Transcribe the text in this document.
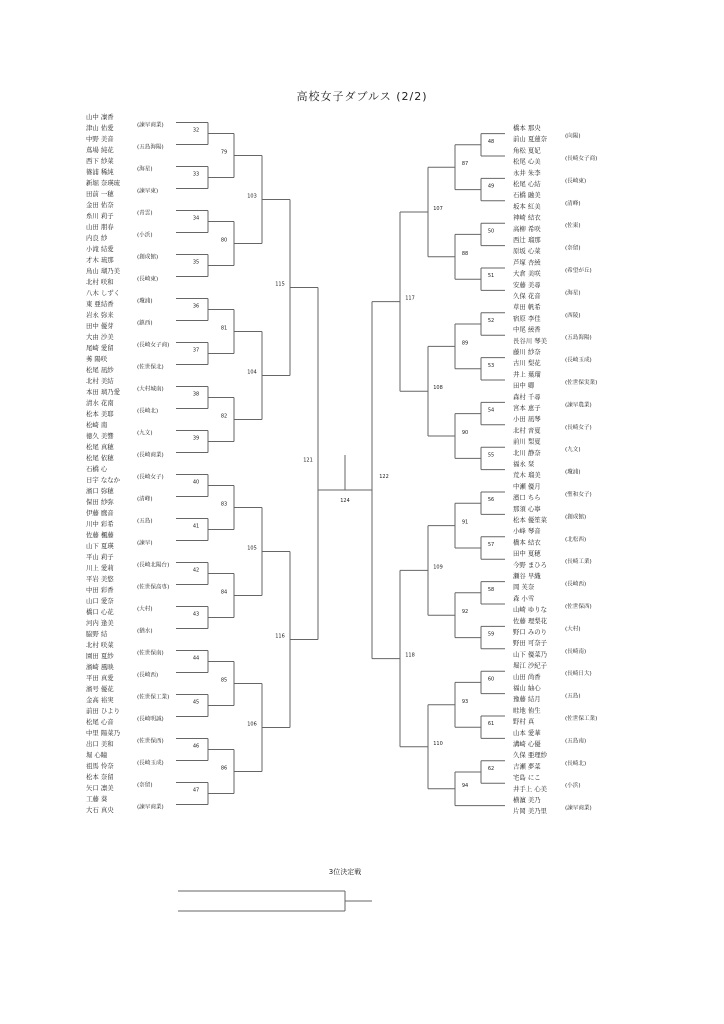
高校女子ダブルス (2/2)
山中 凜香
津山 佑愛	(諫早商業)
中野 美音
蔦場 純花	(五島海陽)
西下 紗菜
篠浦 稀純	(海星)
新堀 奈瑛琉
田前 一穂	(諫早東)
金田 佑奈
糸川 莉子	(青雲)
山田 朋春
内良 紗	(小浜)
小滝 結愛
才木 琉那	(創成館)
鳥山 瑚乃美
北村 咲和	(長崎東)
八木 しずく
東 亜結香	(瓊浦)
岩永 弥来
田中 優芽	(鎮西)
大由 沙美
尾崎 愛留	(長崎女子商)
莠 陽咲
松尾 凪紗	(佐世保北)
北村 美結
本田 璃乃愛	(大村城南)
清水 花南
松本 美耶	(長崎北)
松崎 南
徳久 美響	(九文)
松尾 真穂
松尾 依穂	(長崎商業)
石橋 心
日宇 ななか	(長崎女子)
濱口 弥穂
保田 紗弥	(清峰)
伊藤 鷹音
川中 彩希	(五島)
佐藤 楓藤
山下 夏瑛	(諫早)
平山 莉子
川上 愛莉	(長崎北陽台)
平岩 美悠
中田 彩香	(佐世保高専)
山口 愛奈
橋口 心花	(大村)
河内 逢美
脇野 結	(猶水)
北村 咲菜
園田 夏紗	(佐世保南)
濱崎 風映
平田 真愛	(長崎西)
濱号 優花
金高 裕実	(佐世保工業)
前田 ひより
松尾 心音	(長崎明誠)
中里 陽菜乃
出口 美和	(佐世保西)
堀 心瞳
祖馬 怜奈	(長崎玉成)
松本 奈留
矢口 凛美	(奈留)
工藤 葵
大石 真央	(諫早商業)
32
33
34
35
36
37
38
39
40
41
42
43
44
45
46
47
79
80
81
82
83
84
85
86
103
104
105
106
115
116
121
橋本 那央
前山 夏蓮奈	(向陽)
角松 夏妃
松尾 心美	(長崎女子商)
永井 朱李
松尾 心結	(長崎東)
石橋 融美
坂本 紅美	(清峰)
神崎 結衣
高柳 希咲	(佐東)
西辻 瑠那
原坂 心菜	(奈留)
芦塚 杏綾
大倉 美咲	(希望が丘)
安藤 美尋
久保 花音	(海星)
草田 帆希
宿原 李佳	(西陵)
中尾 綾香
長谷川 琴美	(五島海陽)
藤川 紗奈
古川 梨花	(長崎玉成)
井上 葉瑠
田中 卿	(佐世保実業)
森村 千尋
宮本 恵子	(諫早農業)
小田 凪琴
北村 音夏	(長崎女子)
前川 梨夏
北川 静奈	(九文)
福永 栞
荒木 瑠美	(瓊浦)
中瀬 優月
濱口 ちら	(聖和女子)
那須 心寧
松本 優笙菜	(創成館)
小峰 琴音
橋本 結衣	(北松西)
田中 夏穂
今野 まひろ	(長崎工業)
瀬谷 早織
岡 芙奈	(長崎西)
森 小雪
山崎 ゆりな	(佐世保西)
佐藤 理梨花
野口 みのり	(大村)
野田 可奈子
山下 優菜乃	(長崎南)
堀江 沙紀子
山田 尚香	(長崎日大)
福山 紬心
豫藤 結月	(五島)
畦地 侑生
野村 真	(佐世保工業)
山本 愛華
溝崎 心優	(五島南)
久保 亜理紗
吉瀬 夢菜	(長崎北)
宅島 にこ
井手上 心美	(小浜)
横濵 美乃
片岡 美乃里	(諫早商業)
48
49
50
51
52
53
54
55
56
57
58
59
60
61
62
87
88
89
90
91
92
93
94
107
108
109
110
117
118
122
124
3位決定戦
